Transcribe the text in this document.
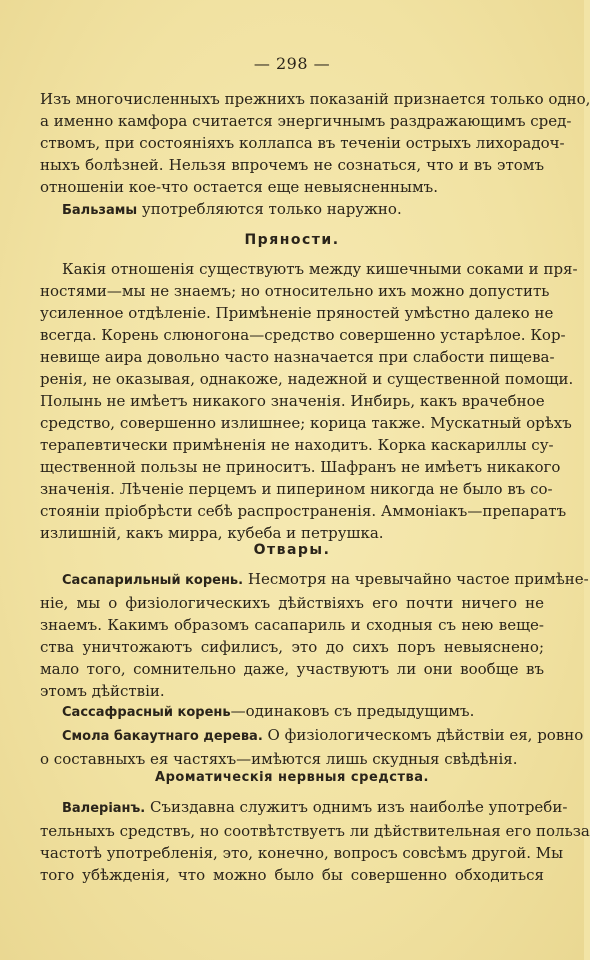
— 298 —
Изъ многочисленныхъ прежнихъ показаній признается только одно,
а именно камфора считается энергичнымъ раздражающимъ сред-
ствомъ, при состояніяхъ коллапса въ теченіи острыхъ лихорадоч-
ныхъ болѣзней. Нельзя впрочемъ не сознаться, что и въ этомъ
отношеніи кое-что остается еще невыясненнымъ.
Бальзамы употребляются только наружно.
Пряности.
Какія отношенія существуютъ между кишечными соками и пря-
ностями—мы не знаемъ; но относительно ихъ можно допустить
усиленное отдѣленіе. Примѣненіе пряностей умѣстно далеко не
всегда. Корень слюногона—средство совершенно устарѣлое. Кор-
невище аира довольно часто назначается при слабости пищева-
ренія, не оказывая, однакоже, надежной и существенной помощи.
Полынь не имѣетъ никакого значенія. Инбирь, какъ врачебное
средство, совершенно излишнее; корица также. Мускатный орѣхъ
терапевтически примѣненія не находитъ. Корка каскариллы су-
щественной пользы не приноситъ. Шафранъ не имѣетъ никакого
значенія. Лѣченіе перцемъ и пиперином никогда не было въ со-
стояніи пріобрѣсти себѣ распространенія. Аммоніакъ—препаратъ
излишній, какъ мирра, кубеба и петрушка.
Отвары.
Сасапарильный корень. Несмотря на чревычайно частое примѣне-
ніе, мы о физіологическихъ дѣйствіяхъ его почти ничего не
знаемъ. Какимъ образомъ сасапариль и сходныя съ нею веще-
ства уничтожаютъ сифилисъ, это до сихъ поръ невыяснено;
мало того, сомнительно даже, участвуютъ ли они вообще въ
этомъ дѣйствіи.
Сассафрасный корень—одинаковъ съ предыдущимъ.
Смола бакаутнаго дерева. О физіологическомъ дѣйствіи ея, ровно
о составныхъ ея частяхъ—имѣются лишь скудныя свѣдѣнія.
Ароматическія нервныя средства.
Валеріанъ. Съиздавна служитъ однимъ изъ наиболѣе употреби-
тельныхъ средствъ, но соотвѣтствуетъ ли дѣйствительная его польза
частотѣ употребленія, это, конечно, вопросъ совсѣмъ другой. Мы
того убѣжденія, что можно было бы совершенно обходиться
